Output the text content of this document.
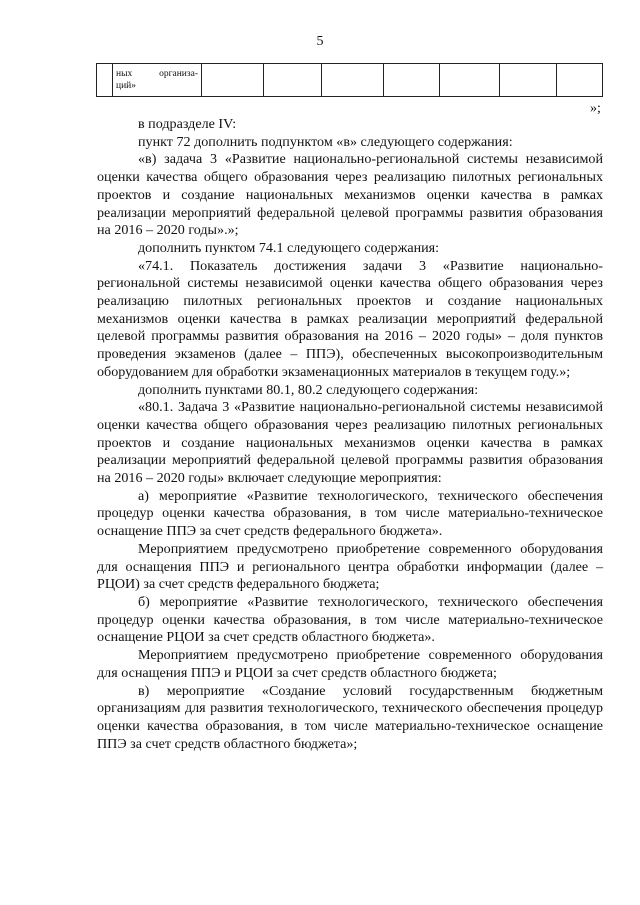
5

ных организа-
ций»

»;

в подразделе IV:

пункт 72 дополнить подпунктом «в» следующего содержания:

«в) задача 3 «Развитие национально-региональной системы независимой оценки качества общего образования через реализацию пилотных региональных проектов и создание национальных механизмов оценки качества в рамках реализации мероприятий федеральной целевой программы развития образования на 2016 – 2020 годы».»;

дополнить пунктом 74.1 следующего содержания:

«74.1. Показатель достижения задачи 3 «Развитие национально-региональной системы независимой оценки качества общего образования через реализацию пилотных региональных проектов и создание национальных механизмов оценки качества в рамках реализации мероприятий федеральной целевой программы развития образования на 2016 – 2020 годы» – доля пунктов проведения экзаменов (далее – ППЭ), обеспеченных высокопроизводительным оборудованием для обработки экзаменационных материалов в текущем году.»;

дополнить пунктами 80.1, 80.2 следующего содержания:

«80.1. Задача 3 «Развитие национально-региональной системы независимой оценки качества общего образования через реализацию пилотных региональных проектов и создание национальных механизмов оценки качества в рамках реализации мероприятий федеральной целевой программы развития образования на 2016 – 2020 годы» включает следующие мероприятия:

а) мероприятие «Развитие технологического, технического обеспечения процедур оценки качества образования, в том числе материально-техническое оснащение ППЭ за счет средств федерального бюджета».

Мероприятием предусмотрено приобретение современного оборудования для оснащения ППЭ и регионального центра обработки информации (далее – РЦОИ) за счет средств федерального бюджета;

б) мероприятие «Развитие технологического, технического обеспечения процедур оценки качества образования, в том числе материально-техническое оснащение РЦОИ за счет средств областного бюджета».

Мероприятием предусмотрено приобретение современного оборудования для оснащения ППЭ и РЦОИ за счет средств областного бюджета;

в) мероприятие «Создание условий государственным бюджетным организациям для развития технологического, технического обеспечения процедур оценки качества образования, в том числе материально-техническое оснащение ППЭ за счет средств областного бюджета»;
